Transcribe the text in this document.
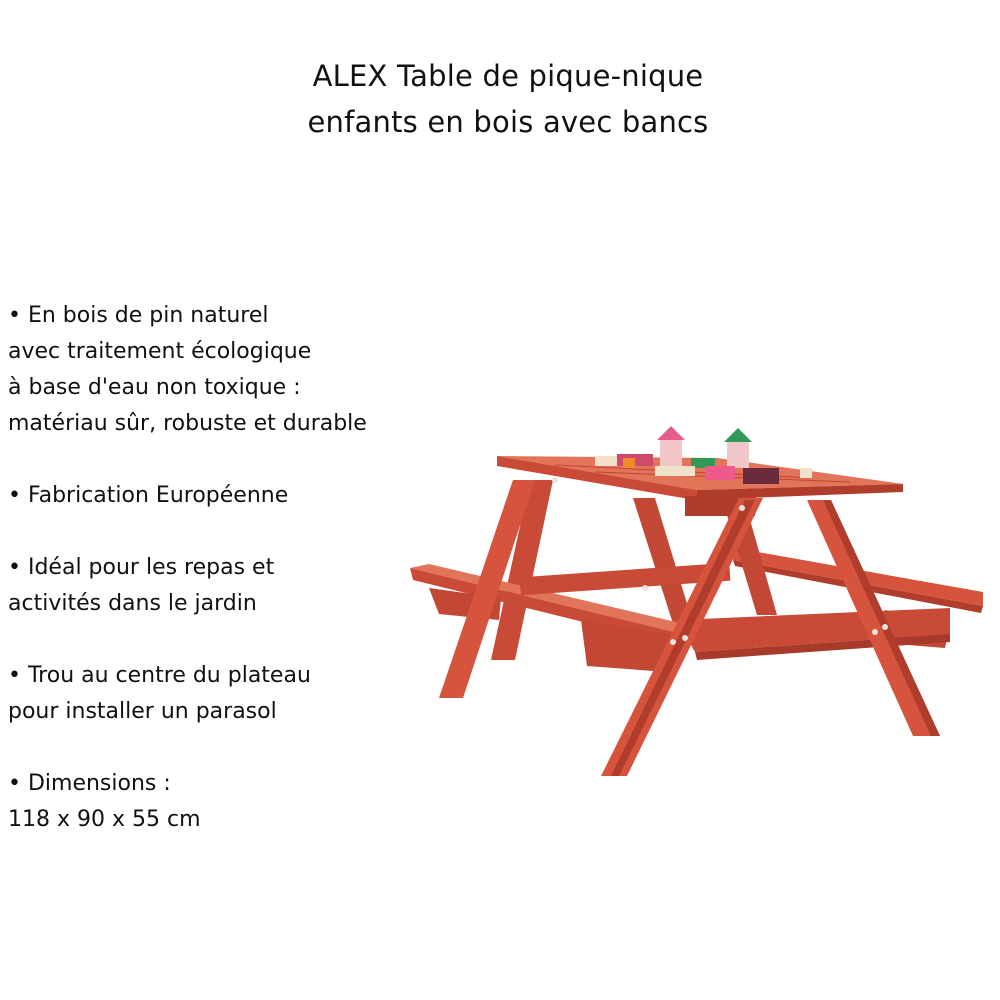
ALEX Table de pique-nique
enfants en bois avec bancs
• En bois de pin naturel
avec traitement écologique
à base d'eau non toxique :
matériau sûr, robuste et durable
• Fabrication Européenne
• Idéal pour les repas et
activités dans le jardin
• Trou au centre du plateau
pour installer un parasol
• Dimensions :
118 x 90 x 55 cm
